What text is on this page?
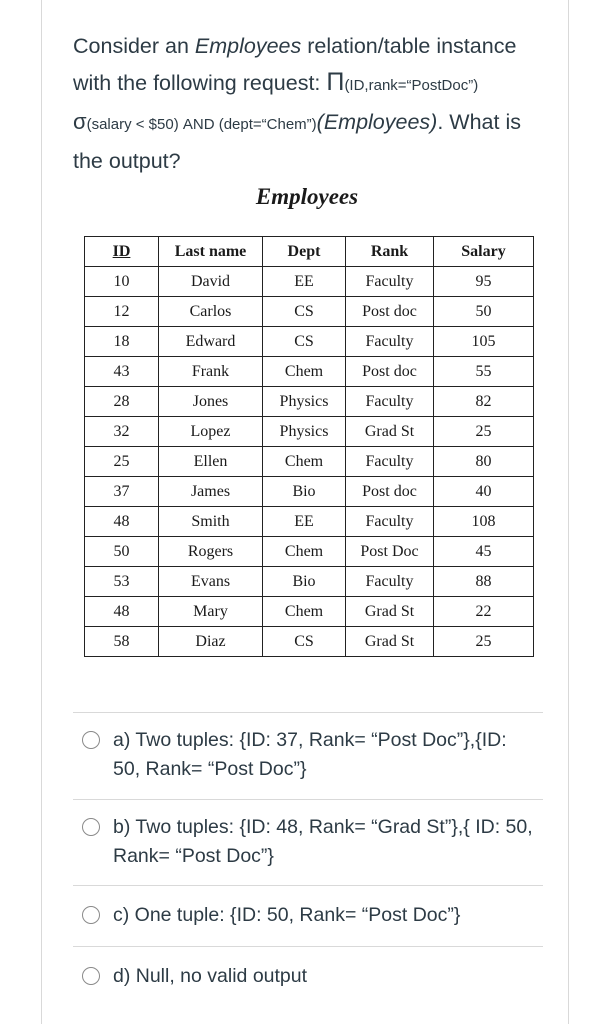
Consider an Employees relation/table instance with the following request: Π(ID,rank=“PostDoc”)
σ(salary < $50) AND (dept=“Chem”)(Employees). What is the output?
Employees
ID	Last name	Dept	Rank	Salary
10	David	EE	Faculty	95
12	Carlos	CS	Post doc	50
18	Edward	CS	Faculty	105
43	Frank	Chem	Post doc	55
28	Jones	Physics	Faculty	82
32	Lopez	Physics	Grad St	25
25	Ellen	Chem	Faculty	80
37	James	Bio	Post doc	40
48	Smith	EE	Faculty	108
50	Rogers	Chem	Post Doc	45
53	Evans	Bio	Faculty	88
48	Mary	Chem	Grad St	22
58	Diaz	CS	Grad St	25
a) Two tuples: {ID: 37, Rank= “Post Doc”},{ID: 50, Rank= “Post Doc”}
b) Two tuples: {ID: 48, Rank= “Grad St”},{ ID: 50, Rank= “Post Doc”}
c) One tuple: {ID: 50, Rank= “Post Doc”}
d) Null, no valid output
